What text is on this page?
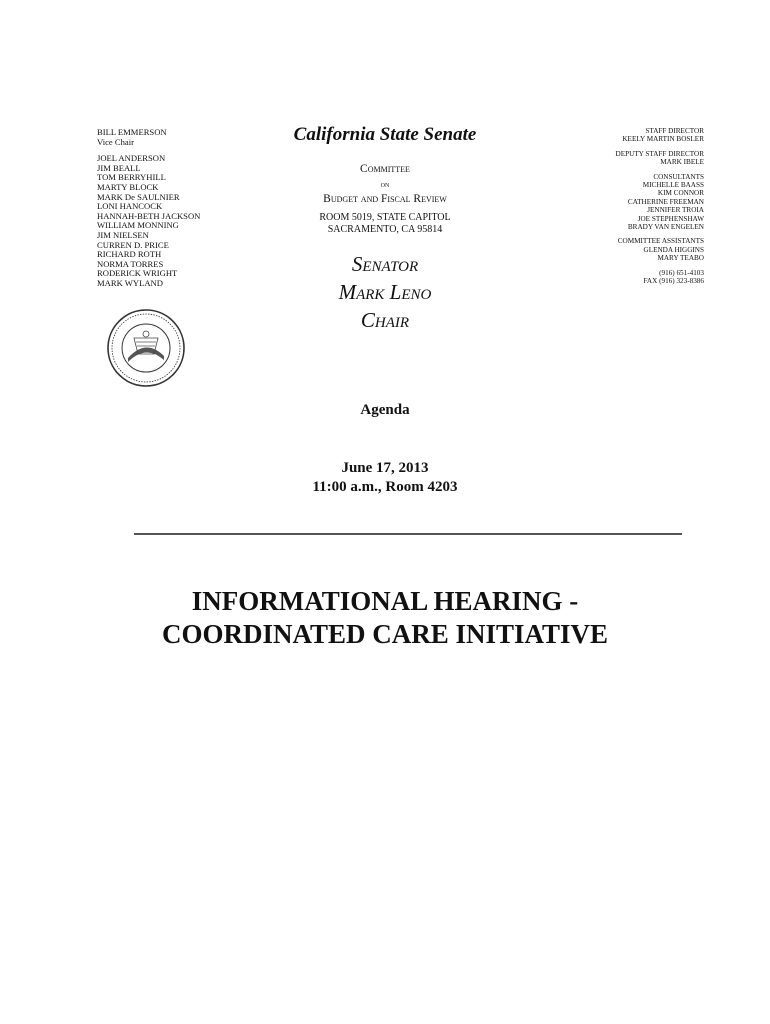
BILL EMMERSON
Vice Chair
JOEL ANDERSON
JIM BEALL
TOM BERRYHILL
MARTY BLOCK
MARK De SAULNIER
LONI HANCOCK
HANNAH-BETH JACKSON
WILLIAM MONNING
JIM NIELSEN
CURREN D. PRICE
RICHARD ROTH
NORMA TORRES
RODERICK WRIGHT
MARK WYLAND
California State Senate
Committee
on
Budget and Fiscal Review
ROOM 5019, STATE CAPITOL
SACRAMENTO, CA 95814
Senator
Mark Leno
Chair
STAFF DIRECTOR
KEELY MARTIN BOSLER
DEPUTY STAFF DIRECTOR
MARK IBELE
CONSULTANTS
MICHELLE BAASS
KIM CONNOR
CATHERINE FREEMAN
JENNIFER TROIA
JOE STEPHENSHAW
BRADY VAN ENGELEN
COMMITTEE ASSISTANTS
GLENDA HIGGINS
MARY TEABO
(916) 651-4103
FAX (916) 323-8386
Agenda
June 17, 2013
11:00 a.m., Room 4203
INFORMATIONAL HEARING -
COORDINATED CARE INITIATIVE
